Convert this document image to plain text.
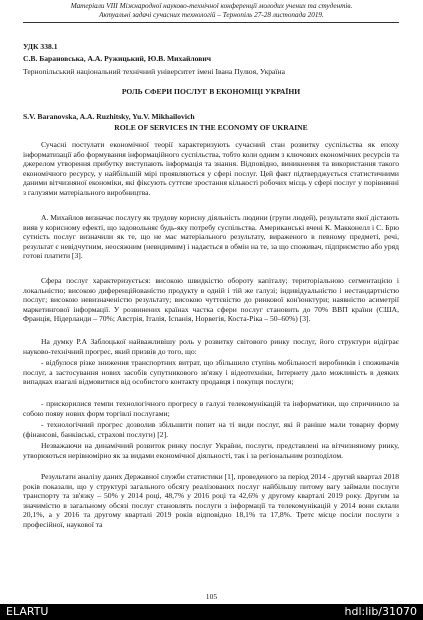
Матеріали VIII Міжнародної науково-технічної конференції молодих учених та студентів.
Актуальні задачі сучасних технологій – Тернопіль 27-28 листопада 2019.
УДК 338.1
С.В. Барановська, А.А. Ружицький, Ю.В. Михайлович
Тернопільський національний технічний університет імені Івана Пулюя, Україна
РОЛЬ СФЕРИ ПОСЛУГ В ЕКОНОМІЦІ УКРАЇНИ
S.V. Baranovska, A.A. Ruzhitsky, Yu.V. Mikhailovich
ROLE OF SERVICES IN THE ECONOMY OF UKRAINE
Сучасні постулати економічної теорії характеризують сучасний стан розвитку суспільства як епоху інформатизації або формування інформаційного суспільства, тобто коли одним з ключових економічних ресурсів та джерелом утворення прибутку виступають інформація та знання. Відповідно, виникнення та використання такого економічного ресурсу, у найбільшій мірі проявляються у сфері послуг. Цей факт підтверджується статистичними даними вітчизняної економіки, які фіксують суттєве зростання кількості робочих місць у сфері послуг у порівнянні з галузями матеріального виробництва.
А. Михайлов визначає послугу як трудову корисну діяльність людини (групи людей), результати якої дістають вияв у корисному ефекті, що задовольняє будь-яку потребу суспільства. Американські вчені К. Макконелл і С. Брю сутність послуг визначили як те, що не має матеріального результату, вираженого в певному предметі, речі, результат є невідчутним, неосяжним (невидимим) і надається в обмін на те, за що споживач, підприємство або уряд готові платити [3].
Сфера послуг характеризується: високою швидкістю обороту капіталу; територіальною сегментацією і локальністю; високою диференційованістю продукту в одній і тій же галузі; індивідуальністю і нестандартністю послуг; високою невизначеністю результату; високою чуттєвістю до ринкової кон'юнктури; наявністю асиметрії маркетингової інформації. У розвинених країнах частка сфери послуг становить до 70% ВВП країни (США, Франція, Нідерланди – 70%; Австрія, Італія, Іспанія, Норвегія, Коста-Ріка – 50–60%) [3].
На думку Р.А Заблоцької найважливішу роль у розвитку світового ринку послуг, його структури відіграє науково-технічний прогрес, який призвів до того, що:
- відбулося різке зниження транспортних витрат, що збільшило ступінь мобільності виробників і споживачів послуг, а застосування нових засобів супутникового зв'язку і відеотехніки, Інтернету дало можливість в деяких випадках взагалі відмовитися від особистого контакту продавця і покупця послуги;
- прискорилися темпи технологічного прогресу в галузі телекомунікацій та інформатики, що спричинило за собою появу нових форм торгівлі послугами;
- технологічний прогрес дозволив збільшити попит на ті види послуг, які й раніше мали товарну форму (фінансові, банківські, страхові послуги) [2].
Незважаючи на динамічний розвиток ринку послуг України, послуги, представлені на вітчизняному ринку, утворюються нерівномірно як за видами економічної діяльності, так і за регіональним розподілом.
Результати аналізу даних Державної служби статистики [1], проведеного за період 2014 - другий квартал 2018 років показали, що у структурі загального обсягу реалізованих послуг найбільшу питому вагу займали послуги транспорту та зв'язку – 50% у 2014 році, 48,7% у 2016 році та 42,6% у другому кварталі 2019 року. Другим за значимістю в загальному обсязі послуг становлять послуги з інформації та телекомунікацій у 2014 вони склали 20,1%, а у 2016 та другому кварталі 2019 років відповідно 18,1% та 17,8%. Третє місце посіли послуги з професійної, наукової та
105
ELARTU	hdl:lib/31070
